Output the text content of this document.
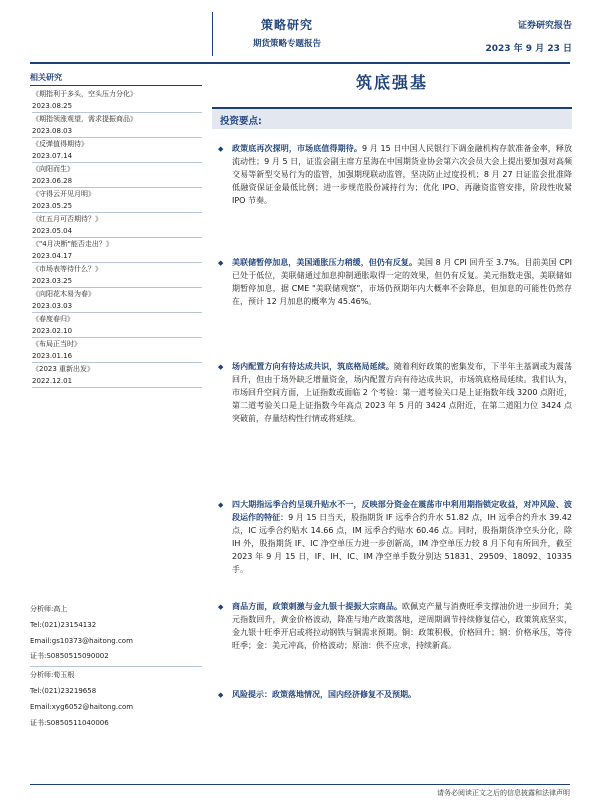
策略研究
期货策略专题报告
证券研究报告
2023 年 9 月 23 日
筑底强基
相关研究
《期指利于多头，空头压力分化》
2023.08.25
《期指领涨观望，需求提振商品》
2023.08.03
《反弹值得期待》
2023.07.14
《向阳而生》
2023.06.28
《守得云开见月明》
2023.05.25
《红五月可否期待？》
2023.05.04
《"4月决断"能否走出？》
2023.04.17
《市场表等待什么？》
2023.03.25
《向阳花木易为春》
2023.03.03
《春度春归》
2023.02.10
《布局正当时》
2023.01.16
《2023 重新出发》
2022.12.01
分析师:高上
Tel:(021)23154132
Email:gs10373@haitong.com
证书:S0850515090002
分析师:荀玉根
Tel:(021)23219658
Email:xyg6052@haitong.com
证书:S0850511040006
投资要点:
◆ 政策底再次探明，市场底值得期待。9 月 15 日中国人民银行下调金融机构存款准备金率，释放流动性；9 月 5 日，证监会副主席方星海在中国期货业协会第六次会员大会上提出要加强对高频交易等新型交易行为的监管，加强期现联动监管，坚决防止过度投机；8 月 27 日证监会批准降低融资保证金最低比例；进一步规范股份减持行为；优化 IPO、再融资监管安排，阶段性收紧 IPO 节奏。
◆ 美联储暂停加息，美国通胀压力稍缓，但仍有反复。美国 8 月 CPI 回升至 3.7%。目前美国 CPI 已处于低位，美联储通过加息抑制通胀取得一定的效果，但仍有反复。美元指数走强，美联储如期暂停加息，据 CME "美联储观察"，市场仍预期年内大概率不会降息，但加息的可能性仍然存在，预计 12 月加息的概率为 45.46%。
◆ 场内配置方向有待达成共识，筑底格局延续。随着利好政策的密集发布，下半年主基调或为震荡回升，但由于场外缺乏增量资金，场内配置方向有待达成共识，市场筑底格局延续。我们认为，市场回升空间方面，上证指数或面临 2 个考验：第一道考验关口是上证指数年线 3200 点附近，第二道考验关口是上证指数今年高点 2023 年 5 月的 3424 点附近，在第二道阻力位 3424 点突破前，存量结构性行情或将延续。
◆ 四大期指远季合约呈现升贴水不一，反映部分资金在震荡市中利用期指锁定收益，对冲风险、波段运作的特征：9 月 15 日当天，股指期货 IF 远季合约升水 51.82 点，IH 远季合约升水 39.42 点，IC 远季合约贴水 14.66 点，IM 远季合约贴水 60.46 点。同时，股指期货净空头分化，除 IH 外，股指期货 IF、IC 净空单压力进一步创新高，IM 净空单压力较 8 月下旬有所回升，截至 2023 年 9 月 15 日，IF、IH、IC、IM 净空单手数分别达 51831、29509、18092、10335 手。
◆ 商品方面，政策刺激与金九银十提振大宗商品。欧佩克产量与消费旺季支撑油价进一步回升；美元指数回升，黄金价格波动，降准与地产政策落地，逆周期调节持续修复信心，政策筑底坚实，金九银十旺季开启或将拉动钢铁与铜需求预期。铜：政策积极，价格回升；钢：价格承压，等待旺季；金：美元冲高，价格波动；原油：供不应求，持续新高。
◆ 风险提示：政策落地情况，国内经济修复不及预期。
请务必阅读正文之后的信息披露和法律声明
